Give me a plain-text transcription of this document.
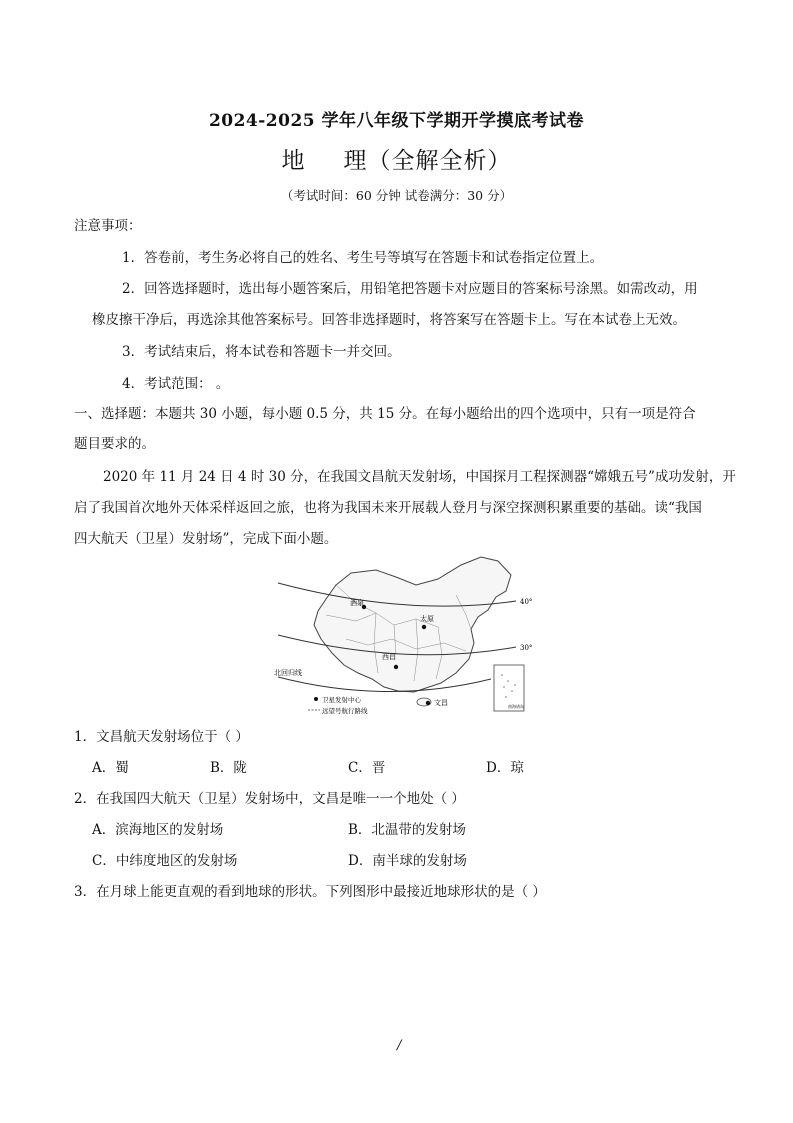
2024-2025 学年八年级下学期开学摸底考试卷
地 理（全解全析）
（考试时间：60 分钟 试卷满分：30 分）
注意事项：
1．答卷前，考生务必将自己的姓名、考生号等填写在答题卡和试卷指定位置上。
2．回答选择题时，选出每小题答案后，用铅笔把答题卡对应题目的答案标号涂黑。如需改动，用
橡皮擦干净后，再选涂其他答案标号。回答非选择题时，将答案写在答题卡上。写在本试卷上无效。
3．考试结束后，将本试卷和答题卡一并交回。
4．考试范围： 。
一、选择题：本题共 30 小题，每小题 0.5 分，共 15 分。在每小题给出的四个选项中，只有一项是符合
题目要求的。
2020 年 11 月 24 日 4 时 30 分，在我国文昌航天发射场，中国探月工程探测器“嫦娥五号”成功发射，开
启了我国首次地外天体采样返回之旅，也将为我国未来开展载人登月与深空探测积累重要的基础。读“我国
四大航天（卫星）发射场”，完成下面小题。
40°
30°
北回归线
酒泉
太原
西昌
文昌
卫星发射中心
远望号航行路线
南海诸岛
1．文昌航天发射场位于（ ）
A．蜀	B．陇	C．晋	D．琼
2．在我国四大航天（卫星）发射场中，文昌是唯一一个地处（ ）
A．滨海地区的发射场	B．北温带的发射场
C．中纬度地区的发射场	D．南半球的发射场
3．在月球上能更直观的看到地球的形状。下列图形中最接近地球形状的是（ ）
/
